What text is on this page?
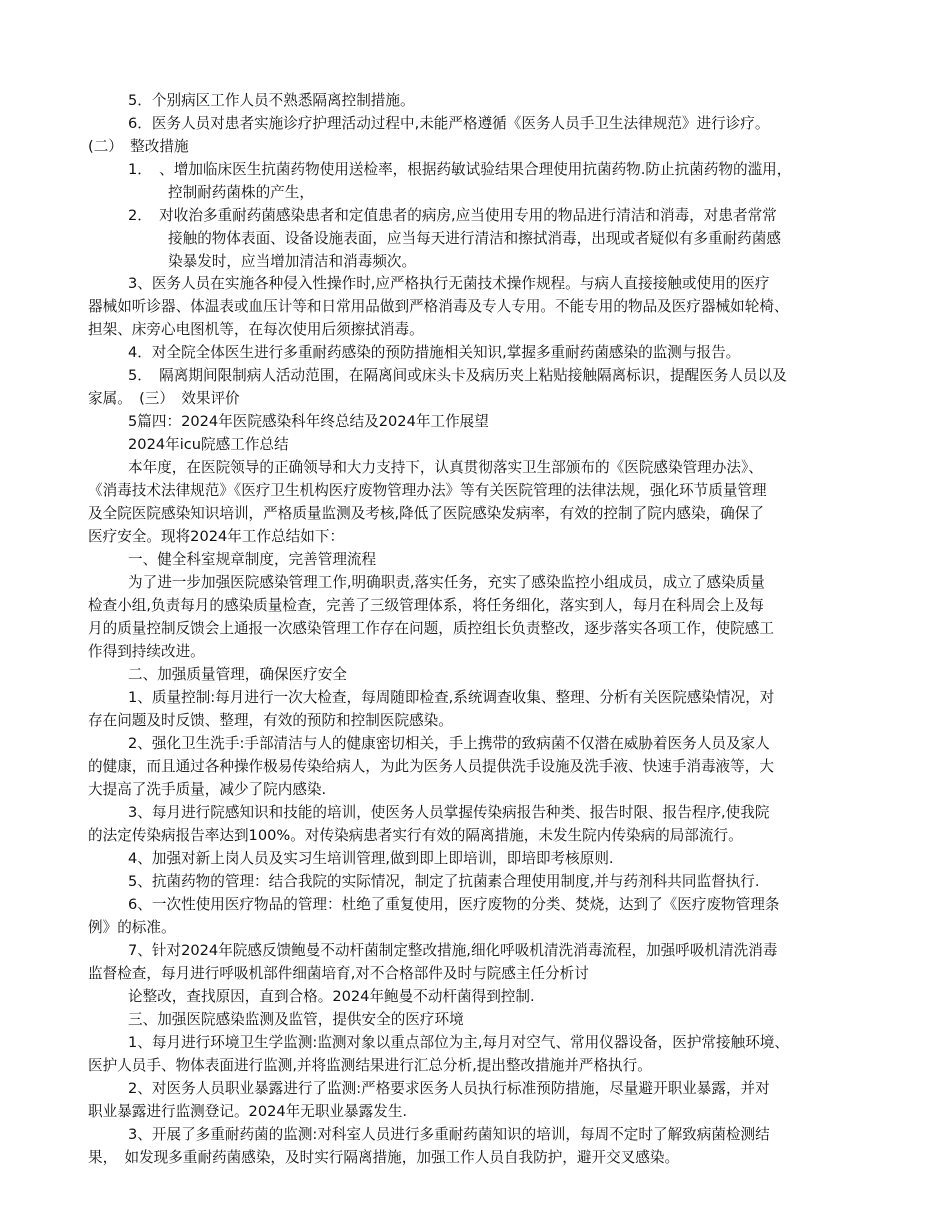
5．个别病区工作人员不熟悉隔离控制措施。
6．医务人员对患者实施诊疗护理活动过程中,未能严格遵循《医务人员手卫生法律规范》进行诊疗。
(二）　整改措施
1．　、增加临床医生抗菌药物使用送检率，根据药敏试验结果合理使用抗菌药物.防止抗菌药物的滥用，
控制耐药菌株的产生，
2．　对收治多重耐药菌感染患者和定值患者的病房,应当使用专用的物品进行清洁和消毒，对患者常常
接触的物体表面、设备设施表面，应当每天进行清洁和擦拭消毒，出现或者疑似有多重耐药菌感
染暴发时，应当增加清洁和消毒频次。
3、医务人员在实施各种侵入性操作时,应严格执行无菌技术操作规程。与病人直接接触或使用的医疗
器械如听诊器、体温表或血压计等和日常用品做到严格消毒及专人专用。不能专用的物品及医疗器械如轮椅、
担架、床旁心电图机等，在每次使用后须擦拭消毒。
4．对全院全体医生进行多重耐药感染的预防措施相关知识,掌握多重耐药菌感染的监测与报告。
5．　隔离期间限制病人活动范围，在隔离间或床头卡及病历夹上粘贴接触隔离标识，提醒医务人员以及
家属。　(三）　效果评价
5篇四：2024年医院感染科年终总结及2024年工作展望
2024年icu院感工作总结
本年度，在医院领导的正确领导和大力支持下，认真贯彻落实卫生部颁布的《医院感染管理办法》、
《消毒技术法律规范》《医疗卫生机构医疗废物管理办法》等有关医院管理的法律法规，强化环节质量管理
及全院医院感染知识培训，严格质量监测及考核,降低了医院感染发病率，有效的控制了院内感染，确保了
医疗安全。现将2024年工作总结如下：
一、健全科室规章制度，完善管理流程
为了进一步加强医院感染管理工作,明确职责,落实任务，充实了感染监控小组成员，成立了感染质量
检查小组,负责每月的感染质量检查，完善了三级管理体系，将任务细化，落实到人，每月在科周会上及每
月的质量控制反馈会上通报一次感染管理工作存在问题，质控组长负责整改，逐步落实各项工作，使院感工
作得到持续改进。
二、加强质量管理，确保医疗安全
1、质量控制:每月进行一次大检查，每周随即检查,系统调查收集、整理、分析有关医院感染情况，对
存在问题及时反馈、整理，有效的预防和控制医院感染。
2、强化卫生洗手:手部清洁与人的健康密切相关，手上携带的致病菌不仅潜在威胁着医务人员及家人
的健康，而且通过各种操作极易传染给病人，为此为医务人员提供洗手设施及洗手液、快速手消毒液等，大
大提高了洗手质量，减少了院内感染.
3、每月进行院感知识和技能的培训，使医务人员掌握传染病报告种类、报告时限、报告程序,使我院
的法定传染病报告率达到100%。对传染病患者实行有效的隔离措施，未发生院内传染病的局部流行。
4、加强对新上岗人员及实习生培训管理,做到即上即培训，即培即考核原则.
5、抗菌药物的管理：结合我院的实际情况，制定了抗菌素合理使用制度,并与药剂科共同监督执行.
6、一次性使用医疗物品的管理：杜绝了重复使用，医疗废物的分类、焚烧，达到了《医疗废物管理条
例》的标准。
7、针对2024年院感反馈鲍曼不动杆菌制定整改措施,细化呼吸机清洗消毒流程，加强呼吸机清洗消毒
监督检查，每月进行呼吸机部件细菌培育,对不合格部件及时与院感主任分析讨
论整改，查找原因，直到合格。2024年鲍曼不动杆菌得到控制.
三、加强医院感染监测及监管，提供安全的医疗环境
1、每月进行环境卫生学监测:监测对象以重点部位为主,每月对空气、常用仪器设备，医护常接触环境、
医护人员手、物体表面进行监测,并将监测结果进行汇总分析,提出整改措施并严格执行。
2、对医务人员职业暴露进行了监测:严格要求医务人员执行标准预防措施，尽量避开职业暴露，并对
职业暴露进行监测登记。2024年无职业暴露发生.
3、开展了多重耐药菌的监测:对科室人员进行多重耐药菌知识的培训，每周不定时了解致病菌检测结
果，　如发现多重耐药菌感染，及时实行隔离措施，加强工作人员自我防护，避开交叉感染。
